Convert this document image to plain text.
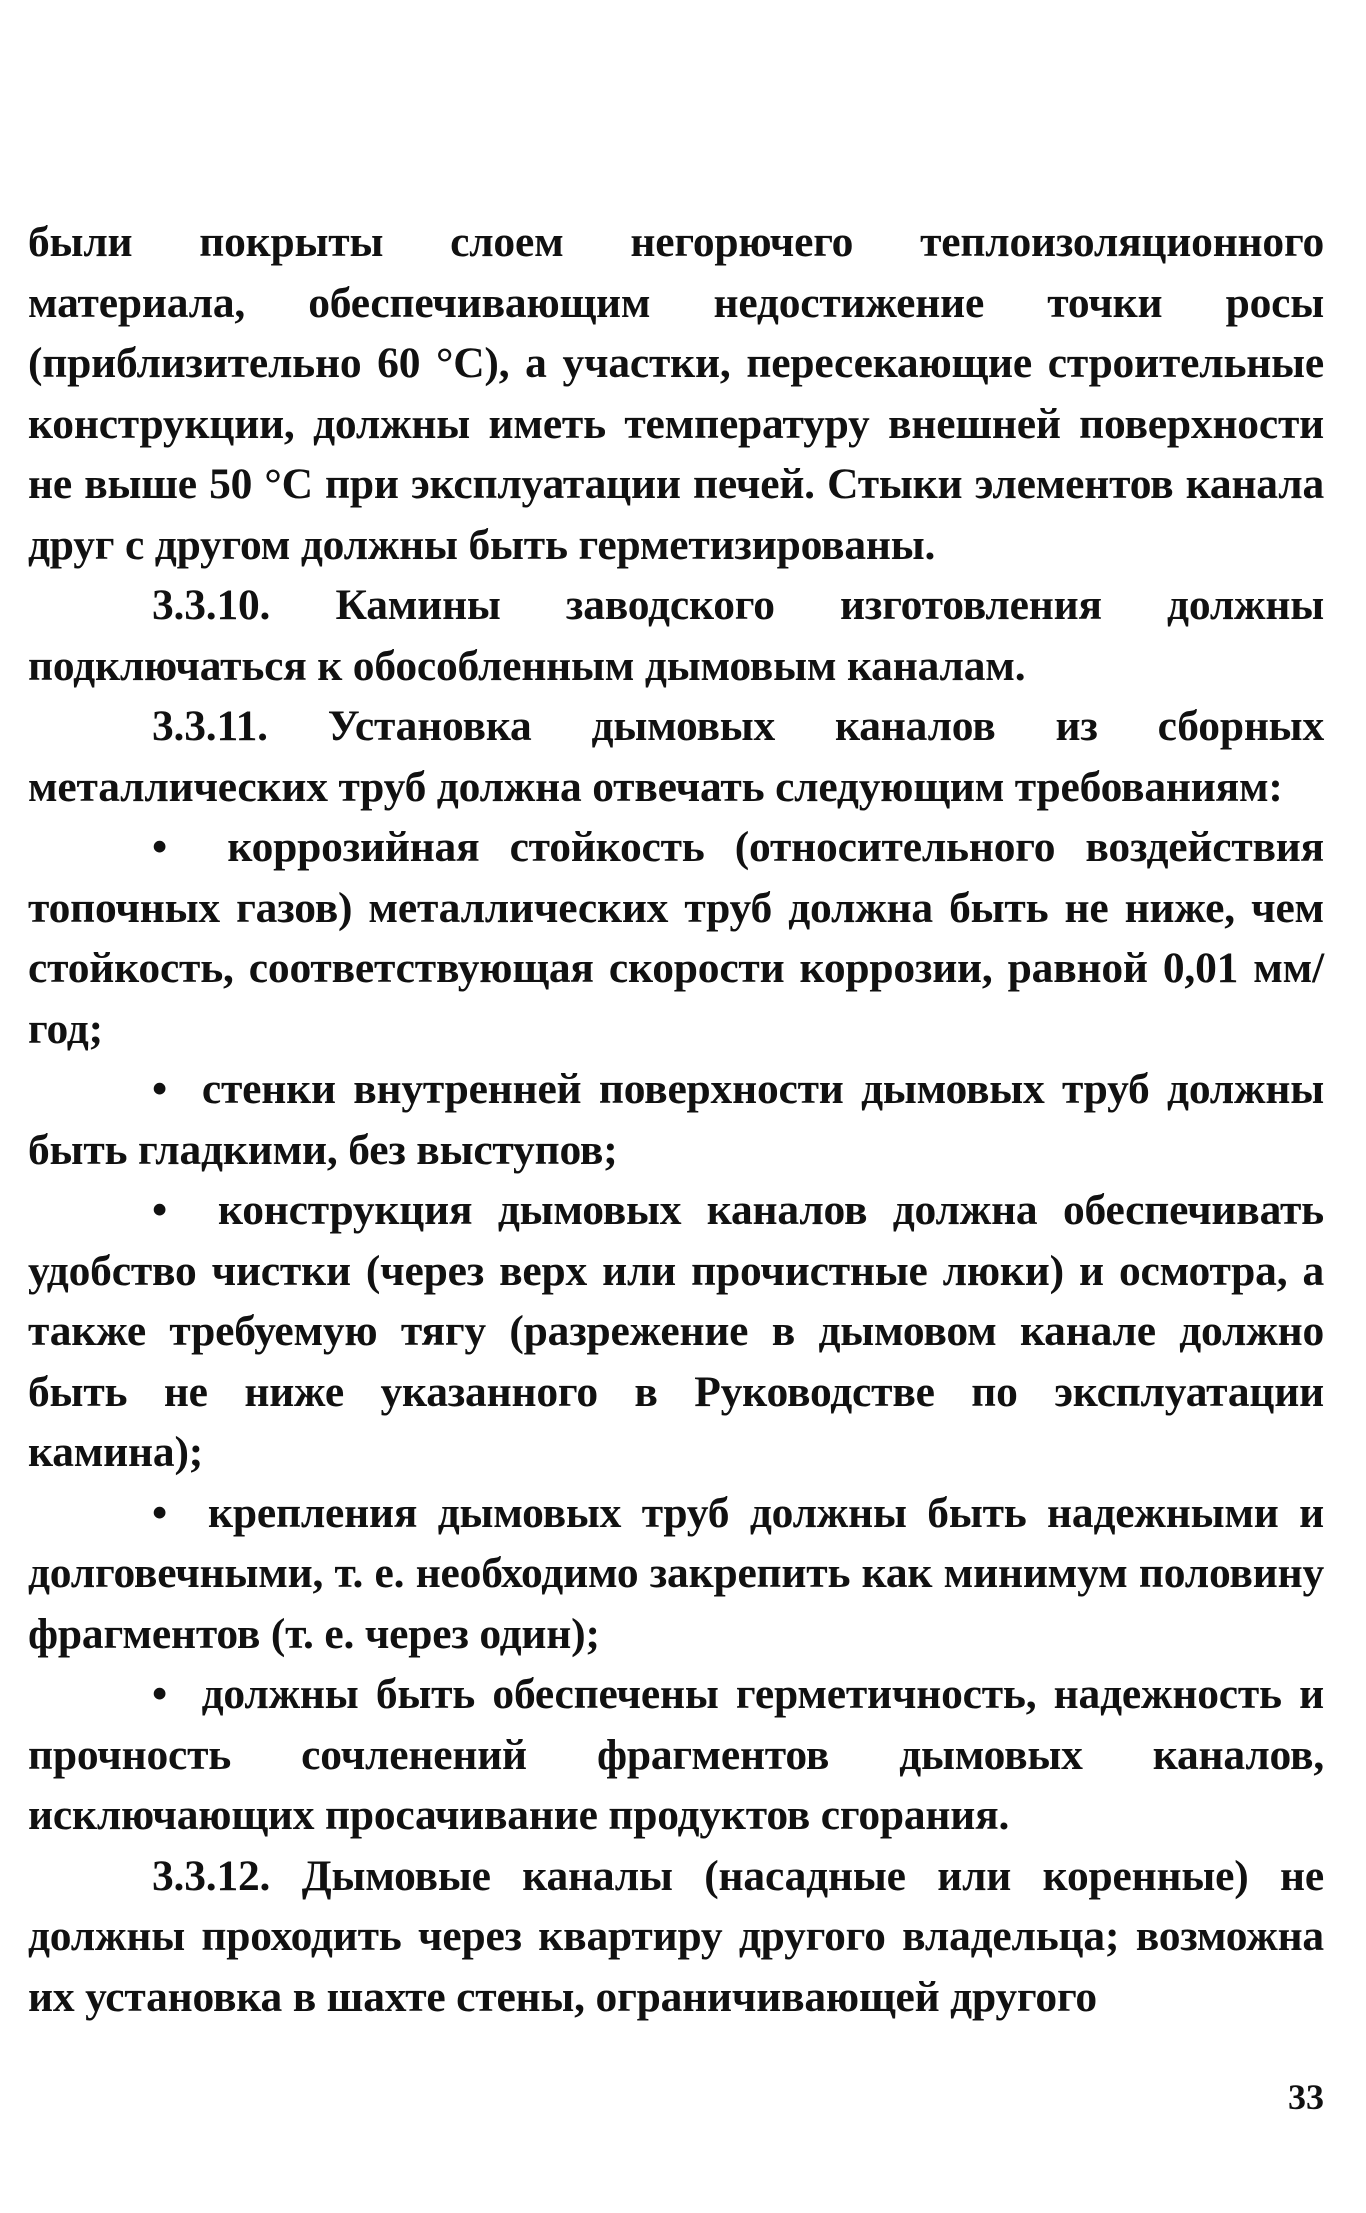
были покрыты слоем негорючего теплоизоляционного материала, обеспечивающим недостижение точки росы (приблизительно 60 °С), а участки, пересекающие строительные конструкции, должны иметь температуру внешней поверхности не выше 50 °С при эксплуатации печей. Стыки элементов канала друг с другом должны быть герметизированы.

3.3.10. Камины заводского изготовления должны подключаться к обособленным дымовым каналам.

3.3.11. Установка дымовых каналов из сборных металлических труб должна отвечать следующим требованиям:

•  коррозийная стойкость (относительного воздействия топочных газов) металлических труб должна быть не ниже, чем стойкость, соответствующая скорости коррозии, равной 0,01 мм/год;

•  стенки внутренней поверхности дымовых труб должны быть гладкими, без выступов;

•  конструкция дымовых каналов должна обеспечивать удобство чистки (через верх или прочистные люки) и осмотра, а также требуемую тягу (разрежение в дымовом канале должно быть не ниже указанного в Руководстве по эксплуатации камина);

•  крепления дымовых труб должны быть надежными и долговечными, т. е. необходимо закрепить как минимум половину фрагментов (т. е. через один);

•  должны быть обеспечены герметичность, надежность и прочность сочленений фрагментов дымовых каналов, исключающих просачивание продуктов сгорания.

3.3.12. Дымовые каналы (насадные или коренные) не должны проходить через квартиру другого владельца; возможна их установка в шахте стены, ограничивающей другого

33
